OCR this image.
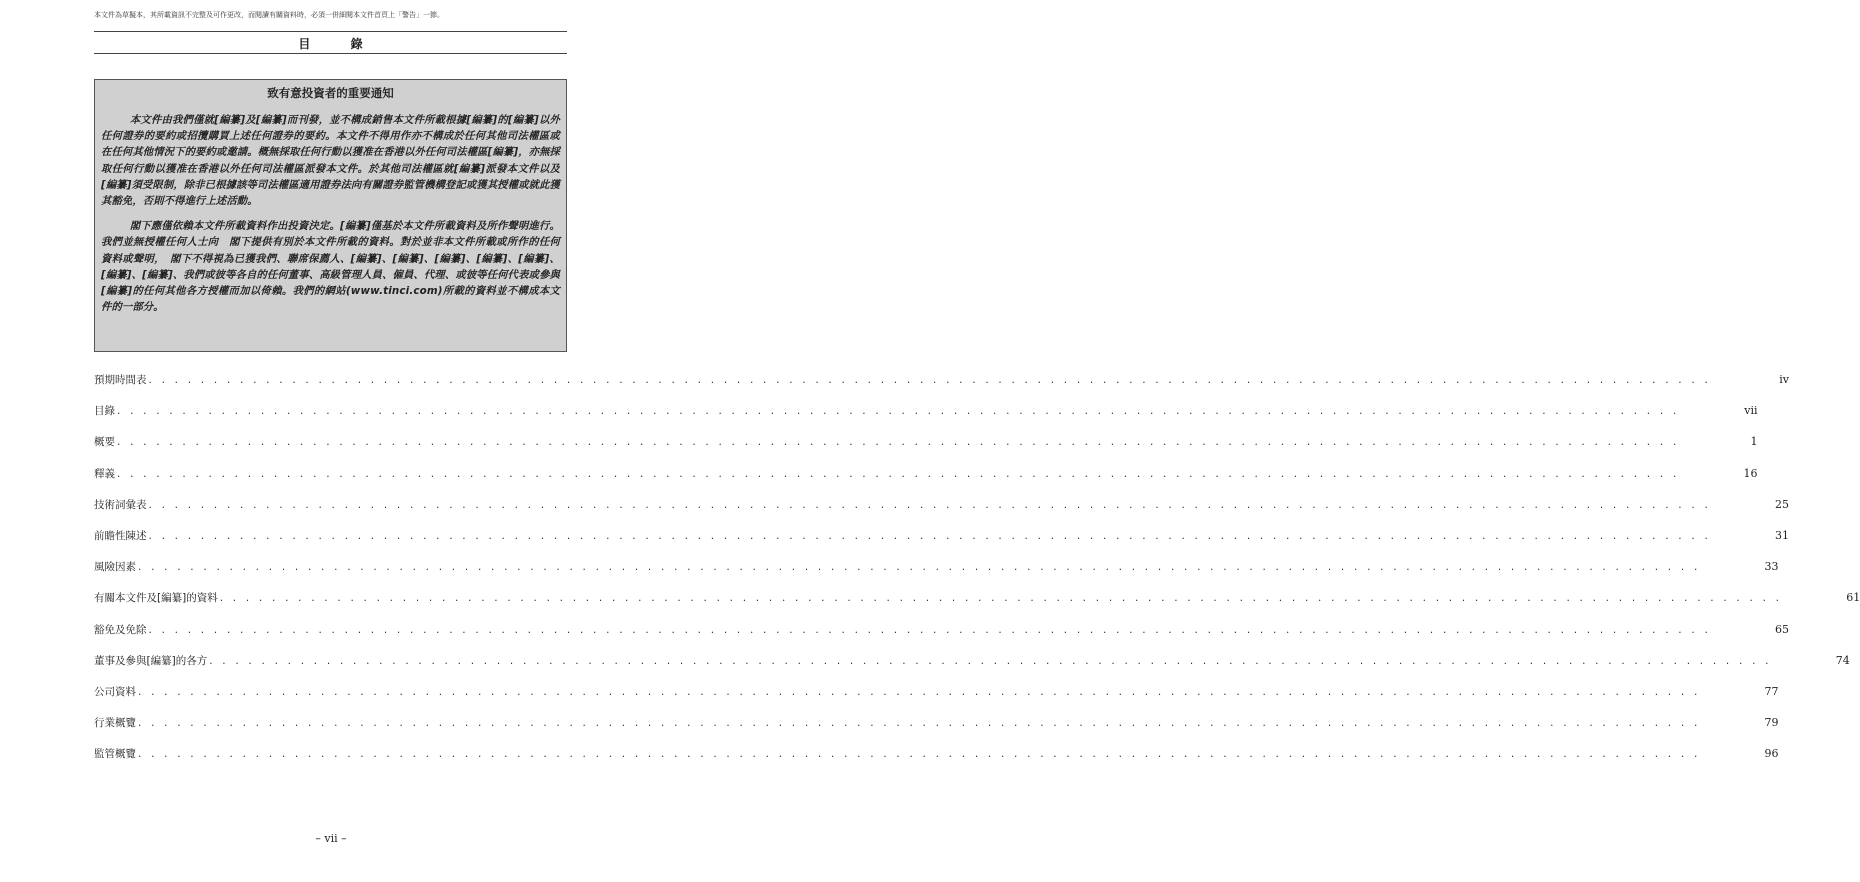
本文件為草擬本，其所載資訊不完整及可作更改，而閱讀有關資料時，必須一併細閱本文件首頁上「警告」一節。
目 錄
致有意投資者的重要通知

本文件由我們僅就[編纂]及[編纂]而刊發，並不構成銷售本文件所載根據[編纂]的[編纂]以外任何證券的要約或招攬購買上述任何證券的要約。本文件不得用作亦不構成於任何其他司法權區或在任何其他情況下的要約或邀請。概無採取任何行動以獲准在香港以外任何司法權區[編纂]，亦無採取任何行動以獲准在香港以外任何司法權區派發本文件。於其他司法權區就[編纂]派發本文件以及[編纂]須受限制，除非已根據該等司法權區適用證券法向有關證券監管機構登記或獲其授權或就此獲其豁免，否則不得進行上述活動。

閣下應僅依賴本文件所載資料作出投資決定。[編纂]僅基於本文件所載資料及所作聲明進行。我們並無授權任何人士向　閣下提供有別於本文件所載的資料。對於並非本文件所載或所作的任何資料或聲明，　閣下不得視為已獲我們、聯席保薦人、[編纂]、[編纂]、[編纂]、[編纂]、[編纂]、[編纂]、[編纂]、我們或彼等各自的任何董事、高級管理人員、僱員、代理、或彼等任何代表或參與[編纂]的任何其他各方授權而加以倚賴。我們的網站(www.tinci.com)所載的資料並不構成本文件的一部分。

預期時間表 . . . . . . . . . . . . . . . . . . . . . . . . . . . . . . . . . . . . . . . . . . . . . . . . . . . . . . . . . . . . . . . . . . . . . . . . . . . . . . . . . . . . . . . . . . . . . . . . . . . . . . . . . . . . . . . . . . . . . . . .	iv
目錄 . . . . . . . . . . . . . . . . . . . . . . . . . . . . . . . . . . . . . . . . . . . . . . . . . . . . . . . . . . . . . . . . . . . . . . . . . . . . . . . . . . . . . . . . . . . . . . . . . . . . . . . . . . . . . . . . . . . . . . . .	vii
概要 . . . . . . . . . . . . . . . . . . . . . . . . . . . . . . . . . . . . . . . . . . . . . . . . . . . . . . . . . . . . . . . . . . . . . . . . . . . . . . . . . . . . . . . . . . . . . . . . . . . . . . . . . . . . . . . . . . . . . . . .	1
釋義 . . . . . . . . . . . . . . . . . . . . . . . . . . . . . . . . . . . . . . . . . . . . . . . . . . . . . . . . . . . . . . . . . . . . . . . . . . . . . . . . . . . . . . . . . . . . . . . . . . . . . . . . . . . . . . . . . . . . . . . .	16
技術詞彙表 . . . . . . . . . . . . . . . . . . . . . . . . . . . . . . . . . . . . . . . . . . . . . . . . . . . . . . . . . . . . . . . . . . . . . . . . . . . . . . . . . . . . . . . . . . . . . . . . . . . . . . . . . . . . . . . . . . . . . . . .	25
前瞻性陳述 . . . . . . . . . . . . . . . . . . . . . . . . . . . . . . . . . . . . . . . . . . . . . . . . . . . . . . . . . . . . . . . . . . . . . . . . . . . . . . . . . . . . . . . . . . . . . . . . . . . . . . . . . . . . . . . . . . . . . . . .	31
風險因素 . . . . . . . . . . . . . . . . . . . . . . . . . . . . . . . . . . . . . . . . . . . . . . . . . . . . . . . . . . . . . . . . . . . . . . . . . . . . . . . . . . . . . . . . . . . . . . . . . . . . . . . . . . . . . . . . . . . . . . . .	33
有關本文件及[編纂]的資料 . . . . . . . . . . . . . . . . . . . . . . . . . . . . . . . . . . . . . . . . . . . . . . . . . . . . . . . . . . . . . . . . . . . . . . . . . . . . . . . . . . . . . . . . . . . . . . . . . . . . . . . . . . . . . . . . . . . . . . . .	61
豁免及免除 . . . . . . . . . . . . . . . . . . . . . . . . . . . . . . . . . . . . . . . . . . . . . . . . . . . . . . . . . . . . . . . . . . . . . . . . . . . . . . . . . . . . . . . . . . . . . . . . . . . . . . . . . . . . . . . . . . . . . . . .	65
董事及參與[編纂]的各方 . . . . . . . . . . . . . . . . . . . . . . . . . . . . . . . . . . . . . . . . . . . . . . . . . . . . . . . . . . . . . . . . . . . . . . . . . . . . . . . . . . . . . . . . . . . . . . . . . . . . . . . . . . . . . . . . . . . . . . . .	74
公司資料 . . . . . . . . . . . . . . . . . . . . . . . . . . . . . . . . . . . . . . . . . . . . . . . . . . . . . . . . . . . . . . . . . . . . . . . . . . . . . . . . . . . . . . . . . . . . . . . . . . . . . . . . . . . . . . . . . . . . . . . .	77
行業概覽 . . . . . . . . . . . . . . . . . . . . . . . . . . . . . . . . . . . . . . . . . . . . . . . . . . . . . . . . . . . . . . . . . . . . . . . . . . . . . . . . . . . . . . . . . . . . . . . . . . . . . . . . . . . . . . . . . . . . . . . .	79
監管概覽 . . . . . . . . . . . . . . . . . . . . . . . . . . . . . . . . . . . . . . . . . . . . . . . . . . . . . . . . . . . . . . . . . . . . . . . . . . . . . . . . . . . . . . . . . . . . . . . . . . . . . . . . . . . . . . . . . . . . . . . .	96
– vii –
